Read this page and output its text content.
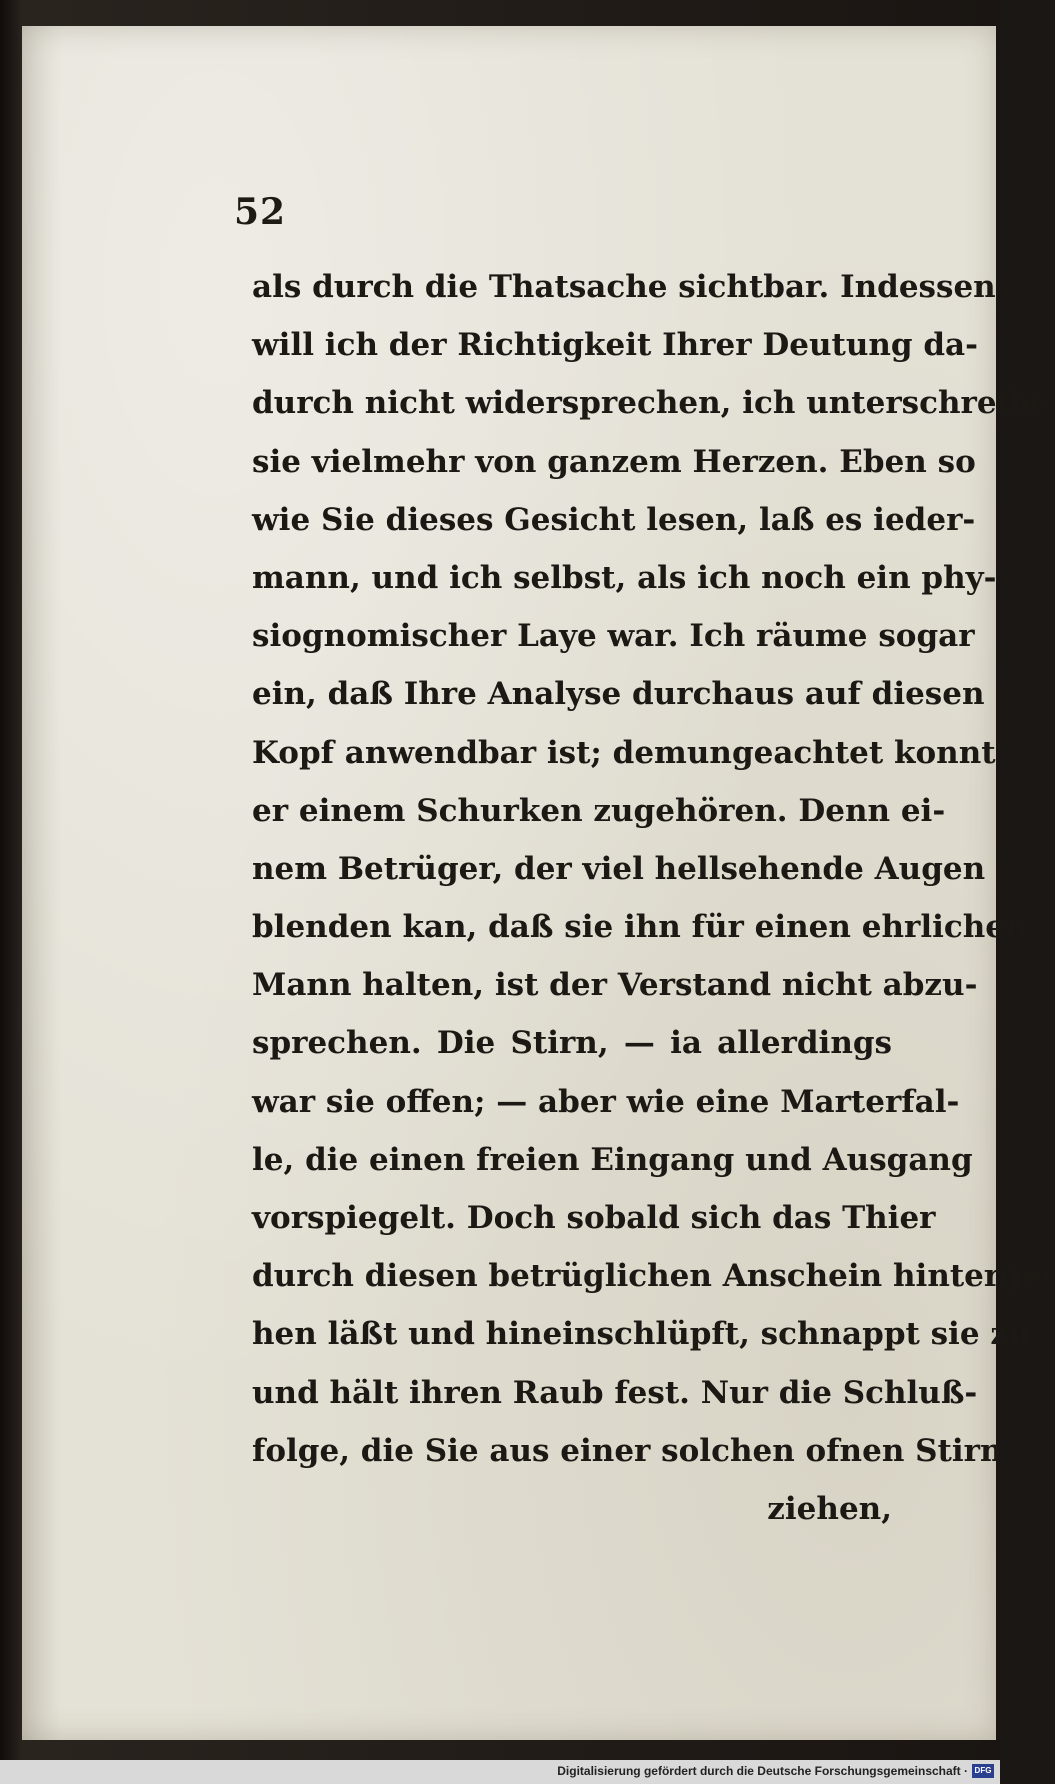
52
als durch die Thatsache sichtbar. Indessen
will ich der Richtigkeit Ihrer Deutung da-
durch nicht widersprechen, ich unterschreibe
sie vielmehr von ganzem Herzen. Eben so
wie Sie dieses Gesicht lesen, laß es ieder-
mann, und ich selbst, als ich noch ein phy-
siognomischer Laye war. Ich räume sogar
ein, daß Ihre Analyse durchaus auf diesen
Kopf anwendbar ist; demungeachtet konnt'
er einem Schurken zugehören. Denn ei-
nem Betrüger, der viel hellsehende Augen
blenden kan, daß sie ihn für einen ehrlichen
Mann halten, ist der Verstand nicht abzu-
sprechen. Die Stirn, — ia allerdings
war sie offen; — aber wie eine Marterfal-
le, die einen freien Eingang und Ausgang
vorspiegelt. Doch sobald sich das Thier
durch diesen betrüglichen Anschein hinterge-
hen läßt und hineinschlüpft, schnappt sie zu
und hält ihren Raub fest. Nur die Schluß-
folge, die Sie aus einer solchen ofnen Stirn
ziehen,
Digitalisierung gefördert durch die Deutsche Forschungsgemeinschaft · DFG
